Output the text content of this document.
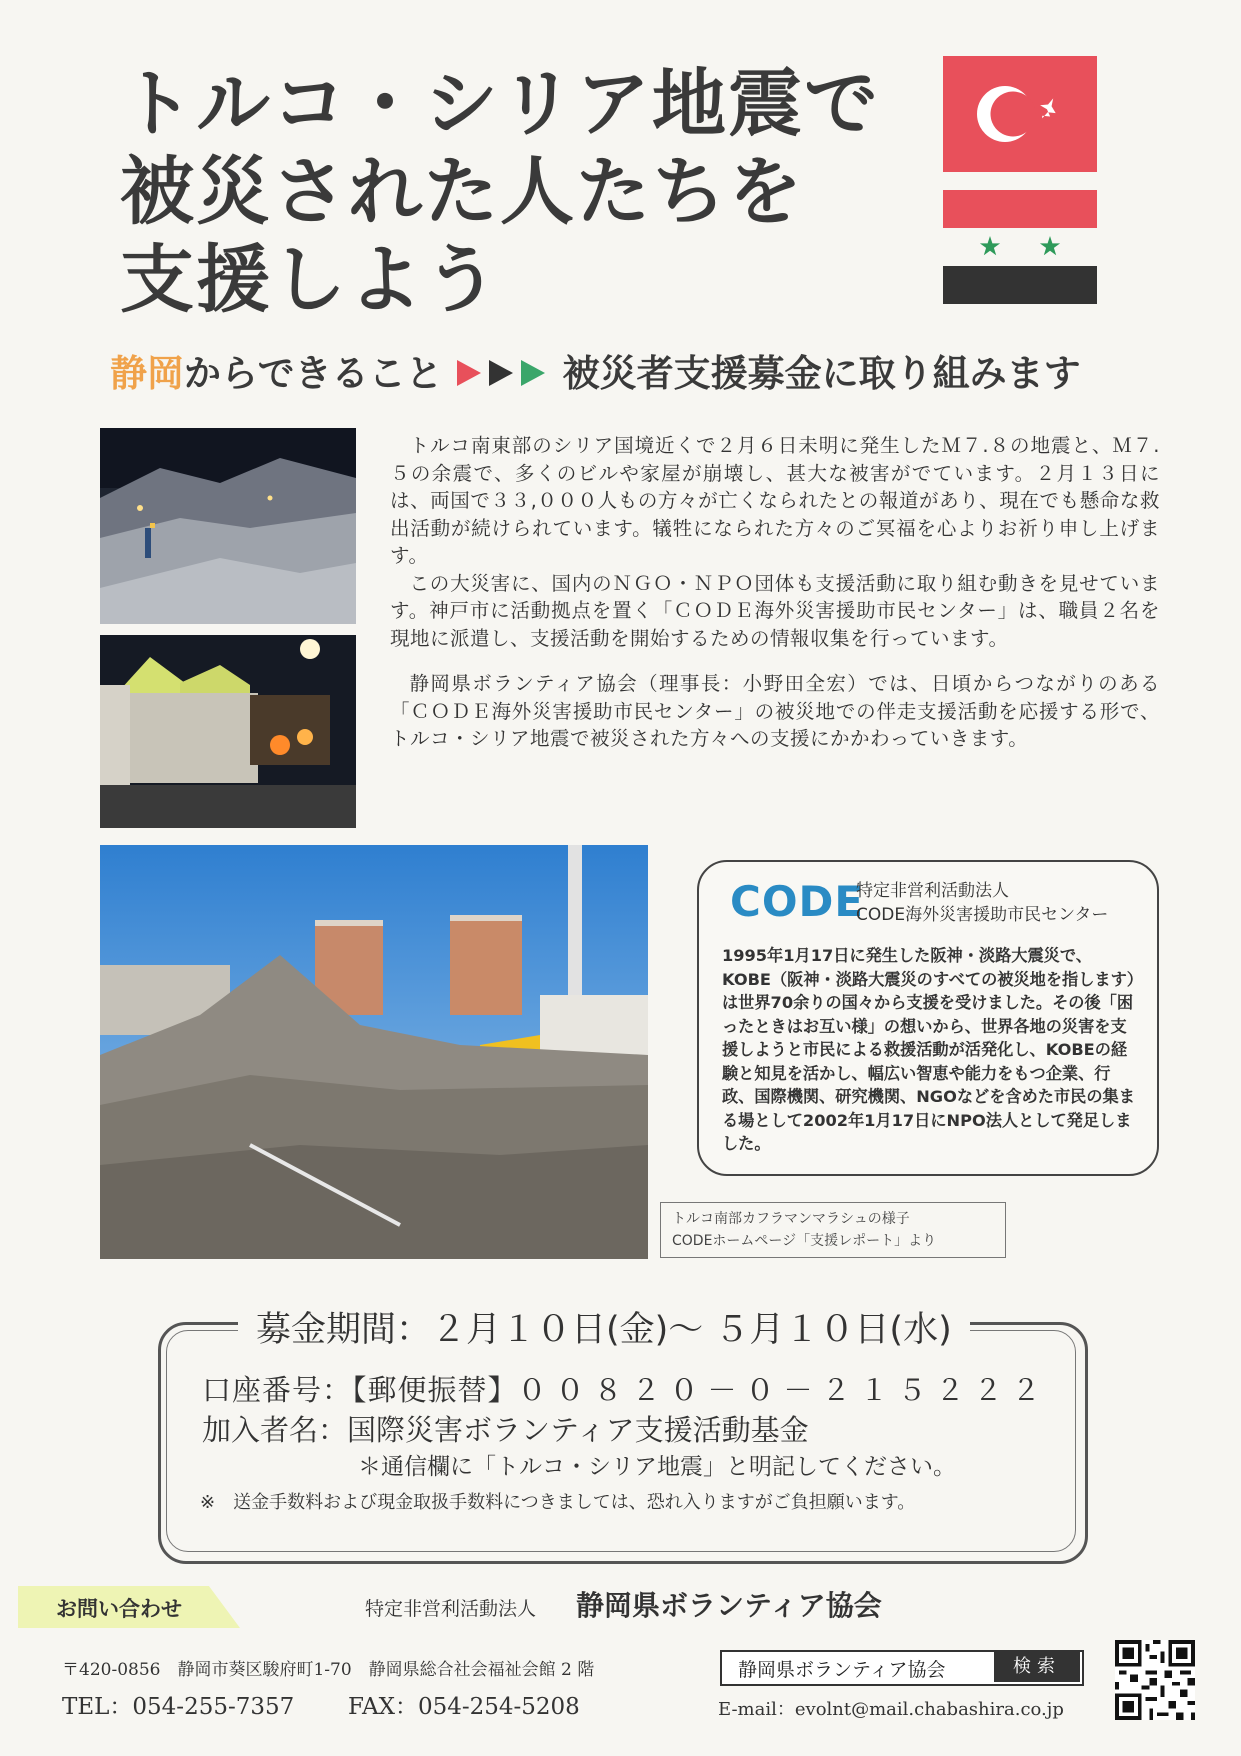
トルコ・シリア地震で
被災された人たちを
支援しよう
静岡からできること	被災者支援募金に取り組みます

トルコ南東部のシリア国境近くで２月６日未明に発生したＭ７.８の地震と、Ｍ７.５の余震で、多くのビルや家屋が崩壊し、甚大な被害がでています。２月１３日には、両国で３３,０００人もの方々が亡くなられたとの報道があり、現在でも懸命な救出活動が続けられています。犠牲になられた方々のご冥福を心よりお祈り申し上げます。

この大災害に、国内のＮＧＯ・ＮＰＯ団体も支援活動に取り組む動きを見せています。神戸市に活動拠点を置く「ＣＯＤＥ海外災害援助市民センター」は、職員２名を現地に派遣し、支援活動を開始するための情報収集を行っています。

静岡県ボランティア協会（理事長：小野田全宏）では、日頃からつながりのある「ＣＯＤＥ海外災害援助市民センター」の被災地での伴走支援活動を応援する形で、トルコ・シリア地震で被災された方々への支援にかかわっていきます。

CODE
特定非営利活動法人
CODE海外災害援助市民センター
1995年1月17日に発生した阪神・淡路大震災で、KOBE（阪神・淡路大震災のすべての被災地を指します）は世界70余りの国々から支援を受けました。その後「困ったときはお互い様」の想いから、世界各地の災害を支援しようと市民による救援活動が活発化し、KOBEの経験と知見を活かし、幅広い智恵や能力をもつ企業、行政、国際機関、研究機関、NGOなどを含めた市民の集まる場として2002年1月17日にNPO法人として発足しました。
トルコ南部カフラマンマラシュの様子
CODEホームページ「支援レポート」より
募金期間：２月１０日(金)～ ５月１０日(水)
口座番号：【郵便振替】００８２０－０－２１５２２２
加入者名：国際災害ボランティア支援活動基金
＊通信欄に「トルコ・シリア地震」と明記してください。
※　送金手数料および現金取扱手数料につきましては、恐れ入りますがご負担願います。
お問い合わせ	特定非営利活動法人 静岡県ボランティア協会
〒420-0856　静岡市葵区駿府町1-70　静岡県総合社会福祉会館 2 階
TEL：054-255-7357 FAX：054-254-5208
静岡県ボランティア協会	検索
E-mail：evolnt@mail.chabashira.co.jp
